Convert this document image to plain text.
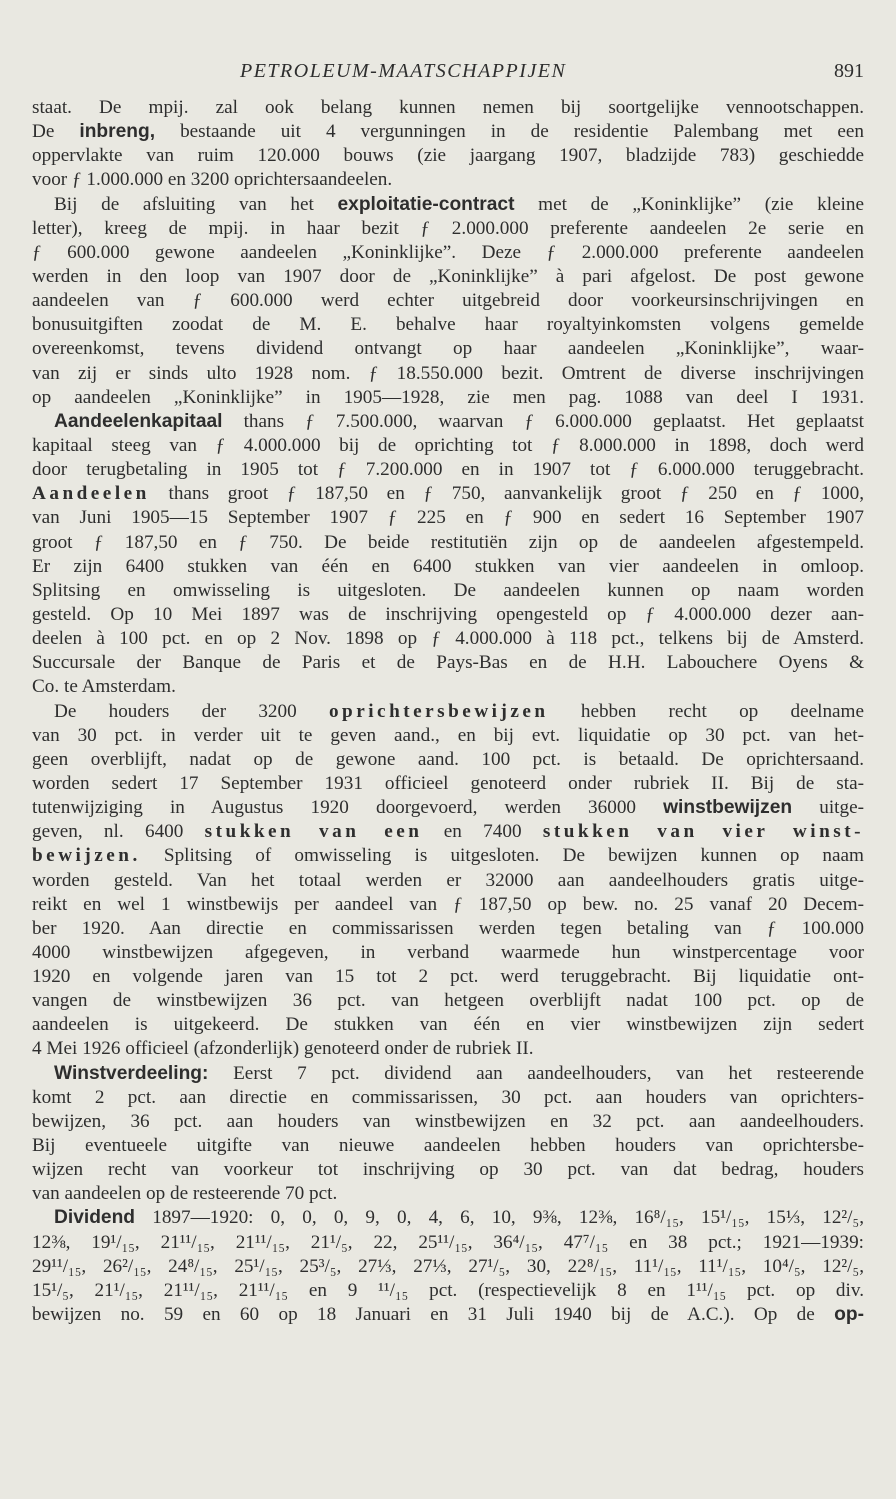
PETROLEUM-MAATSCHAPPIJEN	891
staat. De mpij. zal ook belang kunnen nemen bij soortgelijke vennootschappen.
De inbreng, bestaande uit 4 vergunningen in de residentie Palembang met een
oppervlakte van ruim 120.000 bouws (zie jaargang 1907, bladzijde 783) geschiedde
voor ƒ 1.000.000 en 3200 oprichtersaandeelen.
Bij de afsluiting van het exploitatie-contract met de „Koninklijke” (zie kleine
letter), kreeg de mpij. in haar bezit ƒ 2.000.000 preferente aandeelen 2e serie en
ƒ 600.000 gewone aandeelen „Koninklijke”. Deze ƒ 2.000.000 preferente aandeelen
werden in den loop van 1907 door de „Koninklijke” à pari afgelost. De post gewone
aandeelen van ƒ 600.000 werd echter uitgebreid door voorkeursinschrijvingen en
bonusuitgiften zoodat de M. E. behalve haar royaltyinkomsten volgens gemelde
overeenkomst, tevens dividend ontvangt op haar aandeelen „Koninklijke”, waar-
van zij er sinds ulto 1928 nom. ƒ 18.550.000 bezit. Omtrent de diverse inschrijvingen
op aandeelen „Koninklijke” in 1905—1928, zie men pag. 1088 van deel I 1931.
Aandeelenkapitaal thans ƒ 7.500.000, waarvan ƒ 6.000.000 geplaatst. Het geplaatst
kapitaal steeg van ƒ 4.000.000 bij de oprichting tot ƒ 8.000.000 in 1898, doch werd
door terugbetaling in 1905 tot ƒ 7.200.000 en in 1907 tot ƒ 6.000.000 teruggebracht.
Aandeelen thans groot ƒ 187,50 en ƒ 750, aanvankelijk groot ƒ 250 en ƒ 1000,
van Juni 1905—15 September 1907 ƒ 225 en ƒ 900 en sedert 16 September 1907
groot ƒ 187,50 en ƒ 750. De beide restitutiën zijn op de aandeelen afgestempeld.
Er zijn 6400 stukken van één en 6400 stukken van vier aandeelen in omloop.
Splitsing en omwisseling is uitgesloten. De aandeelen kunnen op naam worden
gesteld. Op 10 Mei 1897 was de inschrijving opengesteld op ƒ 4.000.000 dezer aan-
deelen à 100 pct. en op 2 Nov. 1898 op ƒ 4.000.000 à 118 pct., telkens bij de Amsterd.
Succursale der Banque de Paris et de Pays-Bas en de H.H. Labouchere Oyens &
Co. te Amsterdam.
De houders der 3200 oprichtersbewijzen hebben recht op deelname
van 30 pct. in verder uit te geven aand., en bij evt. liquidatie op 30 pct. van het-
geen overblijft, nadat op de gewone aand. 100 pct. is betaald. De oprichtersaand.
worden sedert 17 September 1931 officieel genoteerd onder rubriek II. Bij de sta-
tutenwijziging in Augustus 1920 doorgevoerd, werden 36000 winstbewijzen uitge-
geven, nl. 6400 stukken van een en 7400 stukken van vier winst-
bewijzen. Splitsing of omwisseling is uitgesloten. De bewijzen kunnen op naam
worden gesteld. Van het totaal werden er 32000 aan aandeelhouders gratis uitge-
reikt en wel 1 winstbewijs per aandeel van ƒ 187,50 op bew. no. 25 vanaf 20 Decem-
ber 1920. Aan directie en commissarissen werden tegen betaling van ƒ 100.000
4000 winstbewijzen afgegeven, in verband waarmede hun winstpercentage voor
1920 en volgende jaren van 15 tot 2 pct. werd teruggebracht. Bij liquidatie ont-
vangen de winstbewijzen 36 pct. van hetgeen overblijft nadat 100 pct. op de
aandeelen is uitgekeerd. De stukken van één en vier winstbewijzen zijn sedert
4 Mei 1926 officieel (afzonderlijk) genoteerd onder de rubriek II.
Winstverdeeling: Eerst 7 pct. dividend aan aandeelhouders, van het resteerende
komt 2 pct. aan directie en commissarissen, 30 pct. aan houders van oprichters-
bewijzen, 36 pct. aan houders van winstbewijzen en 32 pct. aan aandeelhouders.
Bij eventueele uitgifte van nieuwe aandeelen hebben houders van oprichtersbe-
wijzen recht van voorkeur tot inschrijving op 30 pct. van dat bedrag, houders
van aandeelen op de resteerende 70 pct.
Dividend 1897—1920: 0, 0, 0, 9, 0, 4, 6, 10, 9⅜, 12⅜, 16⁸/₁₅, 15¹/₁₅, 15⅓, 12²/₅,
12⅜, 19¹/₁₅, 21¹¹/₁₅, 21¹¹/₁₅, 21¹/₅, 22, 25¹¹/₁₅, 36⁴/₁₅, 47⁷/₁₅ en 38 pct.; 1921—1939:
29¹¹/₁₅, 26²/₁₅, 24⁸/₁₅, 25¹/₁₅, 25³/₅, 27⅓, 27⅓, 27¹/₅, 30, 22⁸/₁₅, 11¹/₁₅, 11¹/₁₅, 10⁴/₅, 12²/₅,
15¹/₅, 21¹/₁₅, 21¹¹/₁₅, 21¹¹/₁₅ en 9 ¹¹/₁₅ pct. (respectievelijk 8 en 1¹¹/₁₅ pct. op div.
bewijzen no. 59 en 60 op 18 Januari en 31 Juli 1940 bij de A.C.). Op de op-
